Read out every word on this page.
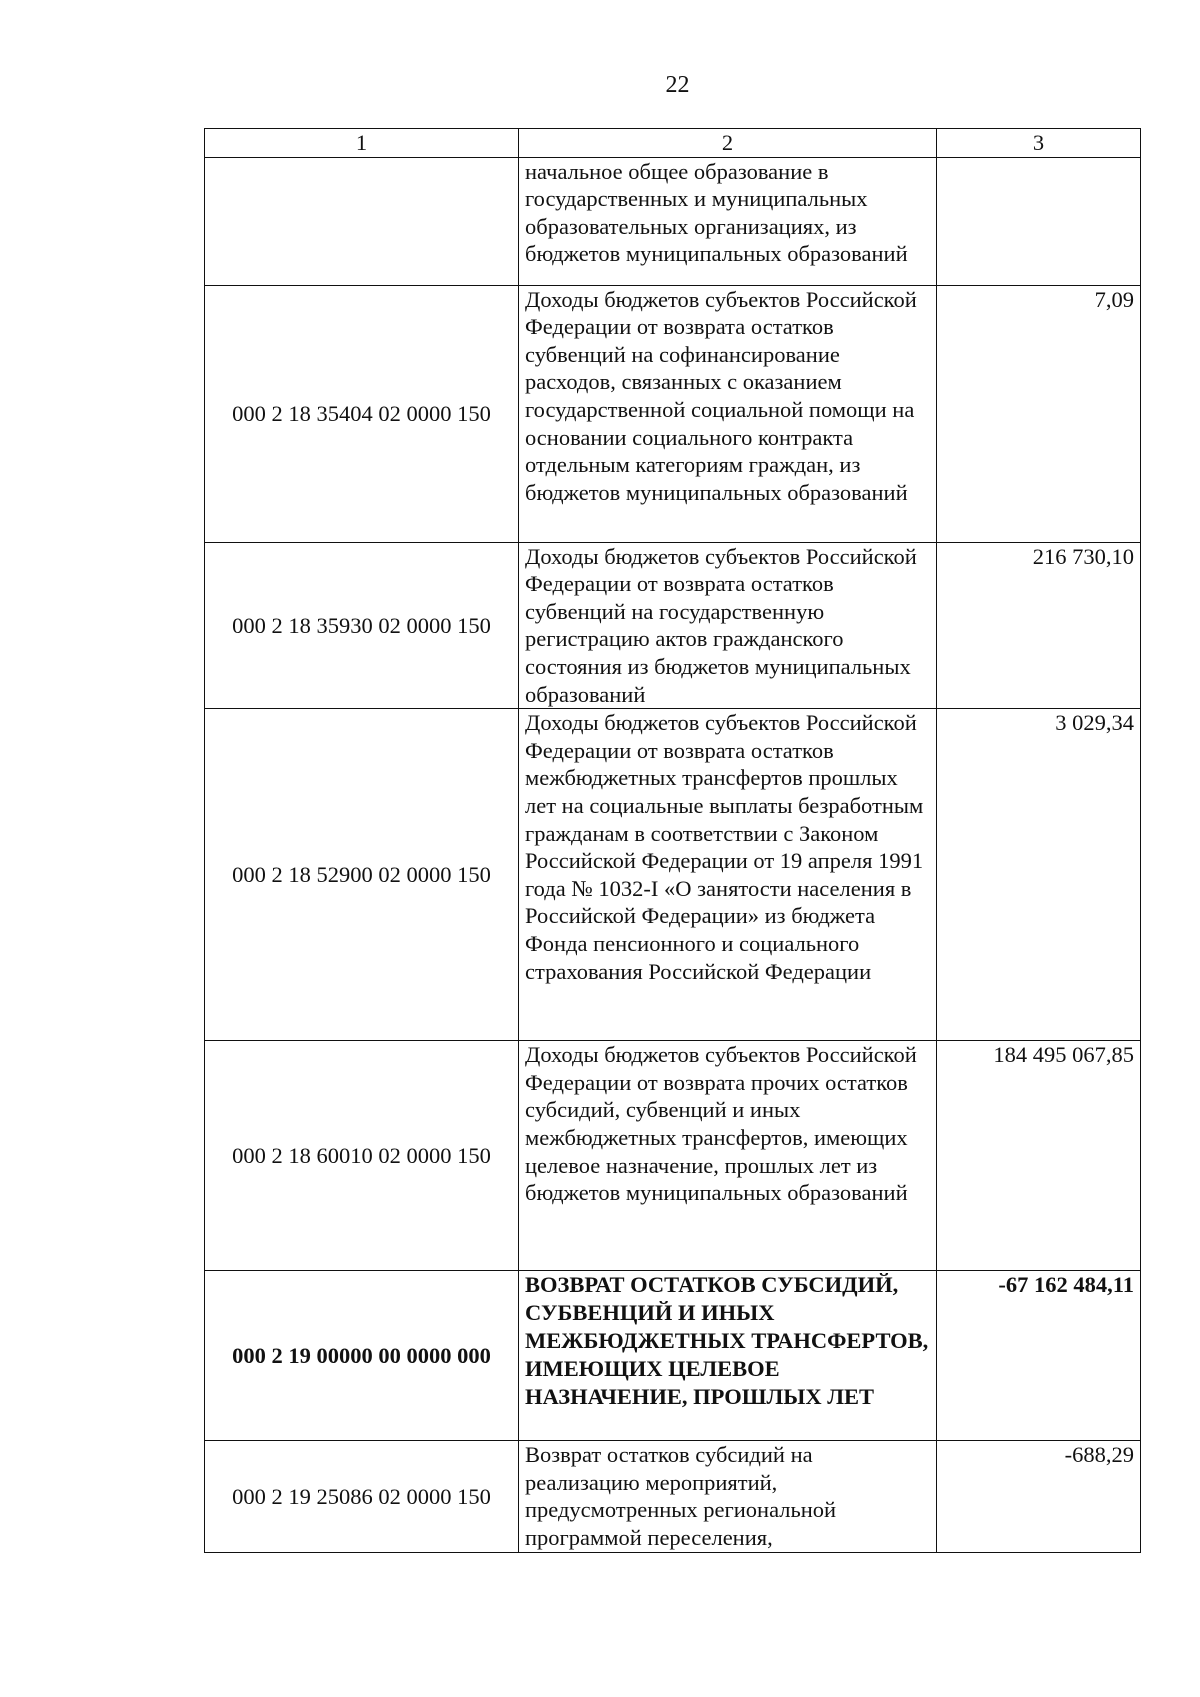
22
1	2	3
	начальное общее образование в государственных и муниципальных образовательных организациях, из бюджетов муниципальных образований	
000 2 18 35404 02 0000 150	Доходы бюджетов субъектов Российской Федерации от возврата остатков субвенций на софинансирование расходов, связанных с оказанием государственной социальной помощи на основании социального контракта отдельным категориям граждан, из бюджетов муниципальных образований	7,09
000 2 18 35930 02 0000 150	Доходы бюджетов субъектов Российской Федерации от возврата остатков субвенций на государственную регистрацию актов гражданского состояния из бюджетов муниципальных образований	216 730,10
000 2 18 52900 02 0000 150	Доходы бюджетов субъектов Российской Федерации от возврата остатков межбюджетных трансфертов прошлых лет на социальные выплаты безработным гражданам в соответствии с Законом Российской Федерации от 19 апреля 1991 года № 1032-I «О занятости населения в Российской Федерации» из бюджета Фонда пенсионного и социального страхования Российской Федерации	3 029,34
000 2 18 60010 02 0000 150	Доходы бюджетов субъектов Российской Федерации от возврата прочих остатков субсидий, субвенций и иных межбюджетных трансфертов, имеющих целевое назначение, прошлых лет из бюджетов муниципальных образований	184 495 067,85
000 2 19 00000 00 0000 000	ВОЗВРАТ ОСТАТКОВ СУБСИДИЙ, СУБВЕНЦИЙ И ИНЫХ МЕЖБЮДЖЕТНЫХ ТРАНСФЕРТОВ, ИМЕЮЩИХ ЦЕЛЕВОЕ НАЗНАЧЕНИЕ, ПРОШЛЫХ ЛЕТ	-67 162 484,11
000 2 19 25086 02 0000 150	Возврат остатков субсидий на реализацию мероприятий, предусмотренных региональной программой переселения,	-688,29
